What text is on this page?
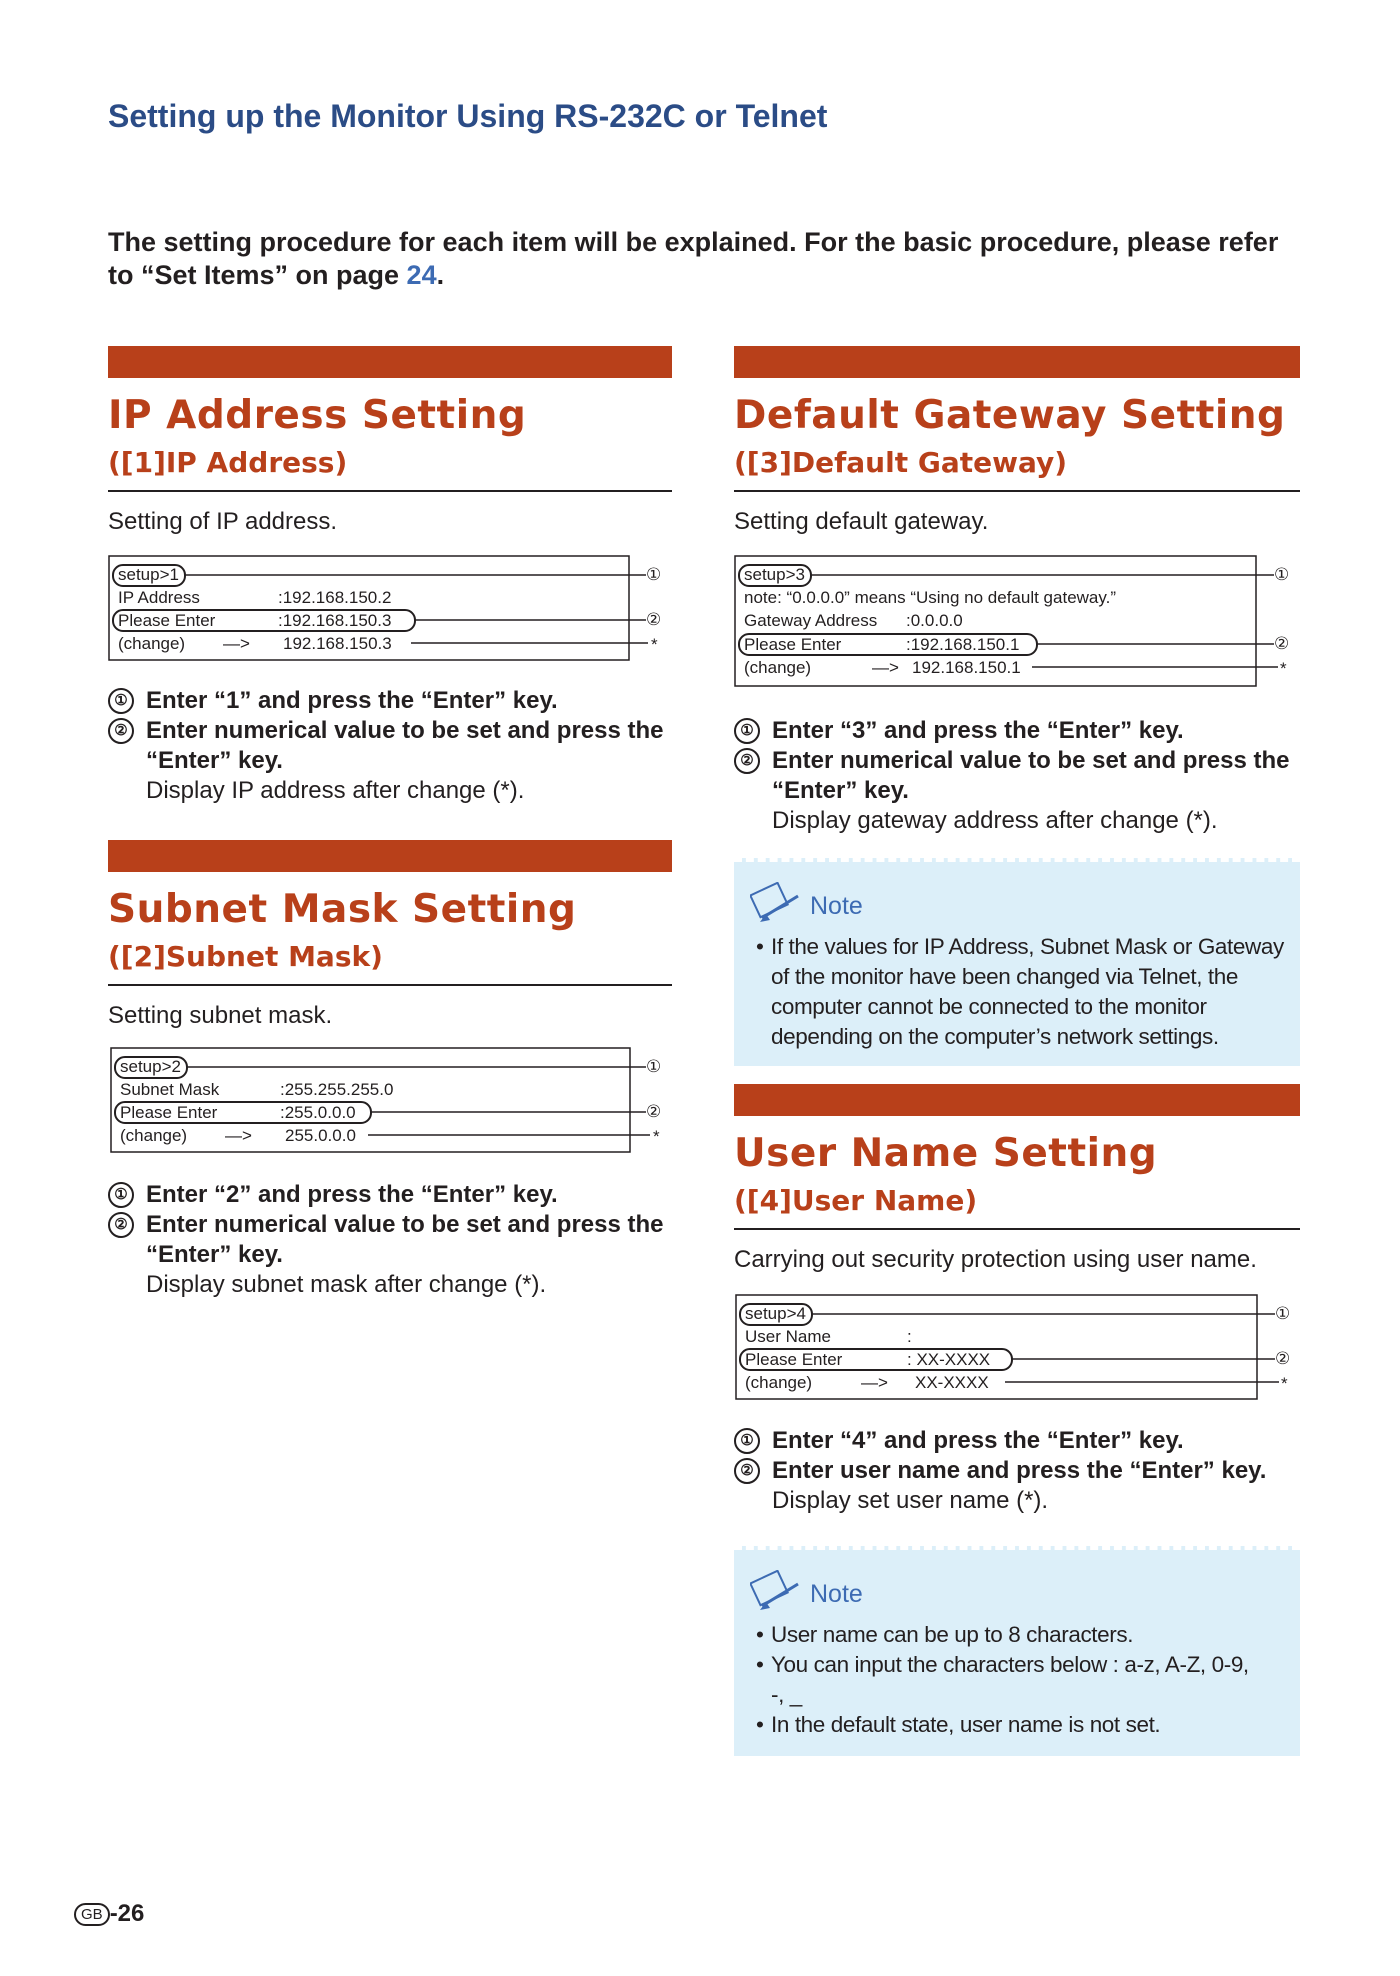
Setting up the Monitor Using RS-232C or Telnet
The setting procedure for each item will be explained. For the basic procedure, please refer to “Set Items” on page 24.
IP Address Setting
([1]IP Address)
Setting of IP address.
setup>1
IP Address	:192.168.150.2
Please Enter	:192.168.150.3
(change) —> 192.168.150.3
①
②
*
① Enter “1” and press the “Enter” key.
② Enter numerical value to be set and press the “Enter” key.
Display IP address after change (*).
Subnet Mask Setting
([2]Subnet Mask)
Setting subnet mask.
setup>2
Subnet Mask	:255.255.255.0
Please Enter	:255.0.0.0
(change) —> 255.0.0.0
①
②
*
① Enter “2” and press the “Enter” key.
② Enter numerical value to be set and press the “Enter” key.
Display subnet mask after change (*).
Default Gateway Setting
([3]Default Gateway)
Setting default gateway.
setup>3
note: “0.0.0.0” means “Using no default gateway.”
Gateway Address :0.0.0.0
Please Enter	:192.168.150.1
(change)	—> 192.168.150.1
①
②
*
① Enter “3” and press the “Enter” key.
② Enter numerical value to be set and press the “Enter” key.
Display gateway address after change (*).
Note
• If the values for IP Address, Subnet Mask or Gateway of the monitor have been changed via Telnet, the computer cannot be connected to the monitor depending on the computer’s network settings.
User Name Setting
([4]User Name)
Carrying out security protection using user name.
setup>4
User Name	:
Please Enter	: XX-XXXX
(change)	—> XX-XXXX
①
②
*
① Enter “4” and press the “Enter” key.
② Enter user name and press the “Enter” key.
Display set user name (*).
Note
• User name can be up to 8 characters.
• You can input the characters below : a-z, A-Z, 0-9, -, _
• In the default state, user name is not set.
GB -26
